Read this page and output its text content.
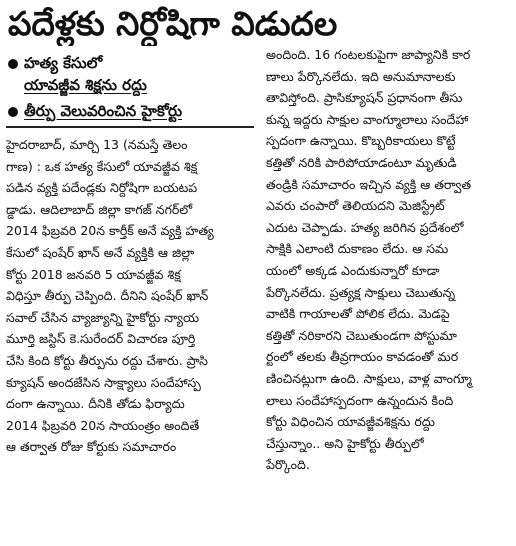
పదేళ్లకు నిర్దోషిగా విడుదల
హత్య కేసులో
యావజ్జీవ శిక్షను రద్దు
తీర్పు వెలువరించిన హైకోర్టు
హైదరాబాద్, మార్చి 13 (నమస్తే తెలం
గాణ) : ఒక హత్య కేసులో యావజ్జీవ శిక్ష
పడిన వ్యక్తి పదేండ్లకు నిర్దోషిగా బయటప
డ్డాడు. ఆదిలాబాద్ జిల్లా కాగజ్ నగర్‌లో
2014 ఫిబ్రవరి 20న కార్తీక్ అనే వ్యక్తి హత్య
కేసులో షంషేర్ ఖాన్ అనే వ్యక్తికి ఆ జిల్లా
కోర్టు 2018 జనవరి 5 యావజ్జీవ శిక్ష
విధిస్తూ తీర్పు చెప్పింది. దీనిని షంషేర్ ఖాన్
సవాల్ చేసిన వ్యాజ్యాన్ని హైకోర్టు న్యాయ
మూర్తి జస్టిస్ కె.సురేందర్ విచారణ పూర్తి
చేసి కింది కోర్టు తీర్పును రద్దు చేశారు. ప్రాసి
క్యూషన్ అందజేసిన సాక్ష్యాలు సందేహాస్ప
దంగా ఉన్నాయి. దీనికి తోడు ఫిర్యాదు
2014 ఫిబ్రవరి 20న సాయంత్రం అందితే
ఆ తర్వాత రోజు కోర్టుకు సమాచారం
అందింది. 16 గంటలకుపైగా జాప్యానికి కార
ణాలు పేర్కొనలేదు. ఇది అనుమానాలకు
తావిస్తోంది. ప్రాసిక్యూషన్ ప్రధానంగా తీసు
కున్న ఇద్దరు సాక్షుల వాంగ్మూలాలు సందేహా
స్పదంగా ఉన్నాయి. కొబ్బరికాయలు కొట్టే
కత్తితో నరికి పారిపోయాడంటూ మృతుడి
తండ్రికి సమాచారం ఇచ్చిన వ్యక్తి ఆ తర్వాత
ఎవరు చంపారో తెలియదని మెజిస్ట్రేట్
ఎదుట చెప్పాడు. హత్య జరిగిన ప్రదేశంలో
సాక్షికి ఎలాంటి దుకాణం లేదు. ఆ సమ
యంలో అక్కడ ఎందుకున్నారో కూడా
పేర్కొనలేదు. ప్రత్యక్ష సాక్షులు చెబుతున్న
వాటికి గాయాలతో పోలిక లేదు. మెడపై
కత్తితో నరికారని చెబుతుండగా పోస్టుమా
ర్టంలో తలకు తీవ్రగాయం కావడంతో మర
ణించినట్లుగా ఉంది. సాక్షులు, వాళ్ల వాంగ్మూ
లాలు సందేహాస్పదంగా ఉన్నందున కింది
కోర్టు విధించిన యావజ్జీవశిక్షను రద్దు
చేస్తున్నాం.. అని హైకోర్టు తీర్పులో
పేర్కొంది.
